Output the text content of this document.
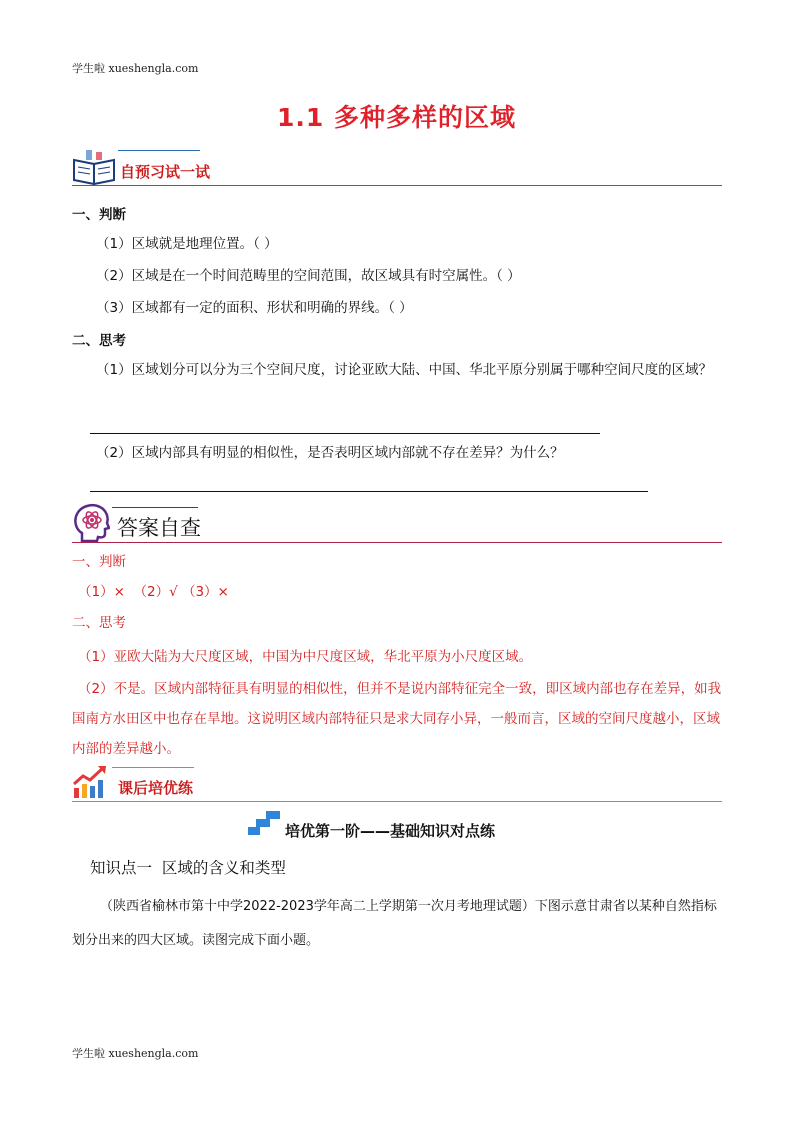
学生啦 xueshengla.com
1.1 多种多样的区域
自预习试一试
一、判断
（1）区域就是地理位置。（ ）
（2）区域是在一个时间范畴里的空间范围，故区域具有时空属性。（ ）
（3）区域都有一定的面积、形状和明确的界线。（ ）
二、思考
（1）区域划分可以分为三个空间尺度，讨论亚欧大陆、中国、华北平原分别属于哪种空间尺度的区域？
（2）区域内部具有明显的相似性，是否表明区域内部就不存在差异？为什么？
答案自查
一、判断
（1）×  （2）√ （3）×
二、思考
（1）亚欧大陆为大尺度区域，中国为中尺度区域，华北平原为小尺度区域。
（2）不是。区域内部特征具有明显的相似性，但并不是说内部特征完全一致，即区域内部也存在差异，如我国南方水田区中也存在旱地。这说明区域内部特征只是求大同存小异，一般而言，区域的空间尺度越小，区域内部的差异越小。
课后培优练
培优第一阶——基础知识对点练
知识点一  区域的含义和类型
（陕西省榆林市第十中学2022-2023学年高二上学期第一次月考地理试题）下图示意甘肃省以某种自然指标划分出来的四大区域。读图完成下面小题。
学生啦 xueshengla.com
